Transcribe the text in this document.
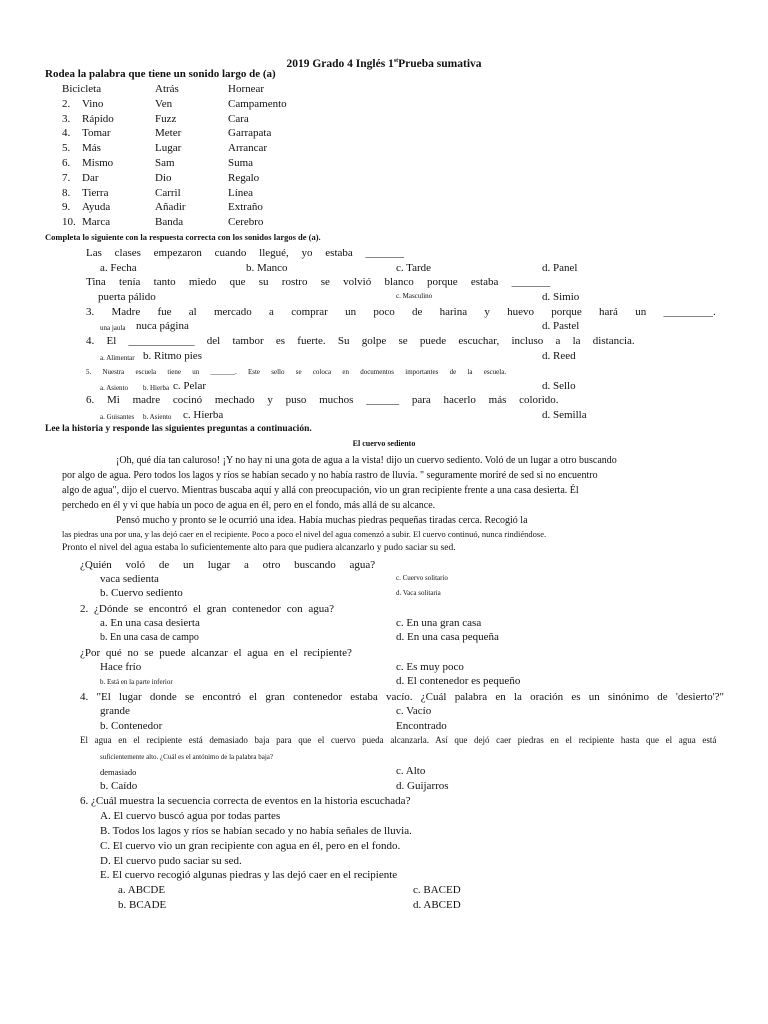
2019 Grado 4 Inglés 1stPrueba sumativa
Rodea la palabra que tiene un sonido largo de (a)
Bicicleta	Atrás	Hornear
2. Vino	Ven	Campamento
3. Rápido	Fuzz	Cara
4. Tomar	Meter	Garrapata
5. Más	Lugar	Arrancar
6. Mismo	Sam	Suma
7. Dar	Dio	Regalo
8. Tierra	Carril	Línea
9. Ayuda	Añadir	Extraño
10. Marca	Banda	Cerebro
Completa lo siguiente con la respuesta correcta con los sonidos largos de (a).
Las clases empezaron cuando llegué, yo estaba _______
a. Fecha	b. Manco	c. Tarde	d. Panel
Tina tenía tanto miedo que su rostro se volvió blanco porque estaba _______
puerta pálido	c. Masculino	d. Simio
3. Madre fue al mercado a comprar un poco de harina y huevo porque hará un _________.
una jaula nuca página	d. Pastel
4. El ____________ del tambor es fuerte. Su golpe se puede escuchar, incluso a la distancia.
a. Alimentar b. Ritmo pies	d. Reed
5. Nuestra escuela tiene un _______. Este sello se coloca en documentos importantes de la escuela.
a. Asiento b. Hierba c. Pelar	d. Sello
6. Mi madre cocinó mechado y puso muchos ______ para hacerlo más colorido.
a. Guisantes b. Asiento c. Hierba	d. Semilla
Lee la historia y responde las siguientes preguntas a continuación.
El cuervo sediento
¡Oh, qué día tan caluroso! ¡Y no hay ni una gota de agua a la vista! dijo un cuervo sediento. Voló de un lugar a otro buscando
por algo de agua. Pero todos los lagos y ríos se habían secado y no había rastro de lluvia. " seguramente moriré de sed si no encuentro
algo de agua", dijo el cuervo. Mientras buscaba aquí y allá con preocupación, vio un gran recipiente frente a una casa desierta. Él
perchedo en él y vi que había un poco de agua en él, pero en el fondo, más allá de su alcance.
Pensó mucho y pronto se le ocurrió una idea. Había muchas piedras pequeñas tiradas cerca. Recogió la
las piedras una por una, y las dejó caer en el recipiente. Poco a poco el nivel del agua comenzó a subir. El cuervo continuó, nunca rindiéndose.
Pronto el nivel del agua estaba lo suficientemente alto para que pudiera alcanzarlo y pudo saciar su sed.
¿Quién voló de un lugar a otro buscando agua?
vaca sedienta	c. Cuervo solitario
b. Cuervo sediento	d. Vaca solitaria
2. ¿Dónde se encontró el gran contenedor con agua?
a. En una casa desierta	c. En una gran casa
b. En una casa de campo	d. En una casa pequeña
¿Por qué no se puede alcanzar el agua en el recipiente?
Hace frío	c. Es muy poco
b. Está en la parte inferior	d. El contenedor es pequeño
4. "El lugar donde se encontró el gran contenedor estaba vacío. ¿Cuál palabra en la oración es un sinónimo de 'desierto'?"
grande	c. Vacío
b. Contenedor	Encontrado
El agua en el recipiente está demasiado baja para que el cuervo pueda alcanzarla. Así que dejó caer piedras en el recipiente hasta que el agua está
suficientemente alto. ¿Cuál es el antónimo de la palabra baja?
demasiado	c. Alto
b. Caído	d. Guijarros
6. ¿Cuál muestra la secuencia correcta de eventos en la historia escuchada?
A. El cuervo buscó agua por todas partes
B. Todos los lagos y ríos se habían secado y no había señales de lluvia.
C. El cuervo vio un gran recipiente con agua en él, pero en el fondo.
D. El cuervo pudo saciar su sed.
E. El cuervo recogió algunas piedras y las dejó caer en el recipiente
a. ABCDE	c. BACED
b. BCADE	d. ABCED
